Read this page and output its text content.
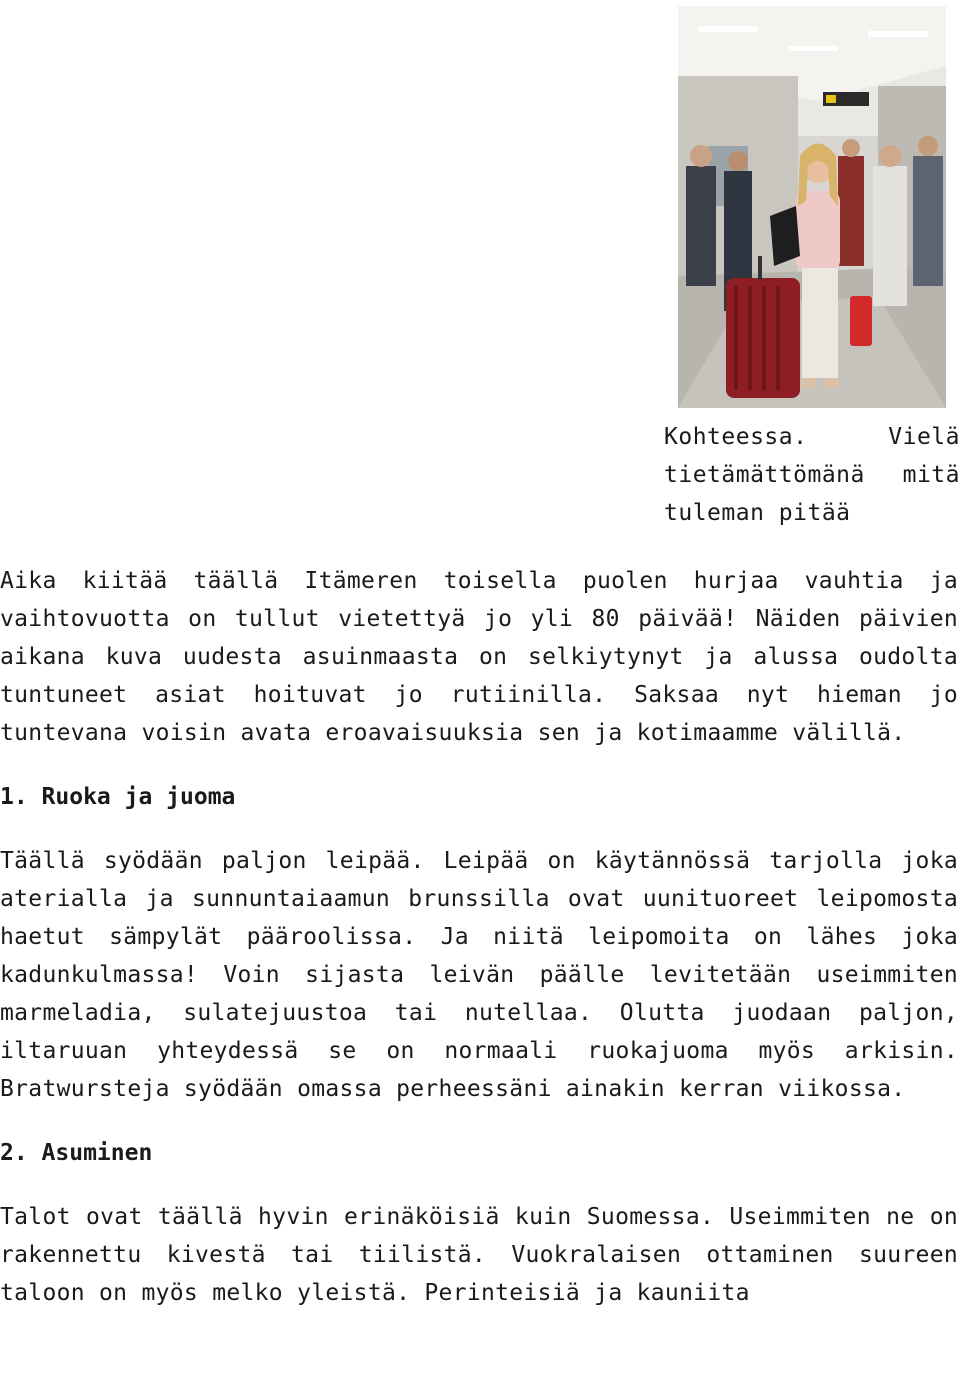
Kohteessa. Vielä tietämättömänä mitä tuleman pitää

Aika kiitää täällä Itämeren toisella puolen hurjaa vauhtia ja vaihtovuotta on tullut vietettyä jo yli 80 päivää! Näiden päivien aikana kuva uudesta asuinmaasta on selkiytynyt ja alussa oudolta tuntuneet asiat hoituvat jo rutiinilla. Saksaa nyt hieman jo tuntevana voisin avata eroavaisuuksia sen ja kotimaamme välillä.

1. Ruoka ja juoma

Täällä syödään paljon leipää. Leipää on käytännössä tarjolla joka aterialla ja sunnuntaiaamun brunssilla ovat uunituoreet leipomosta haetut sämpylät pääroolissa. Ja niitä leipomoita on lähes joka kadunkulmassa! Voin sijasta leivän päälle levitetään useimmiten marmeladia, sulatejuustoa tai nutellaa. Olutta juodaan paljon, iltaruuan yhteydessä se on normaali ruokajuoma myös arkisin. Bratwursteja syödään omassa perheessäni ainakin kerran viikossa.

2. Asuminen

Talot ovat täällä hyvin erinäköisiä kuin Suomessa. Useimmiten ne on rakennettu kivestä tai tiilistä. Vuokralaisen ottaminen suureen taloon on myös melko yleistä. Perinteisiä ja kauniita
